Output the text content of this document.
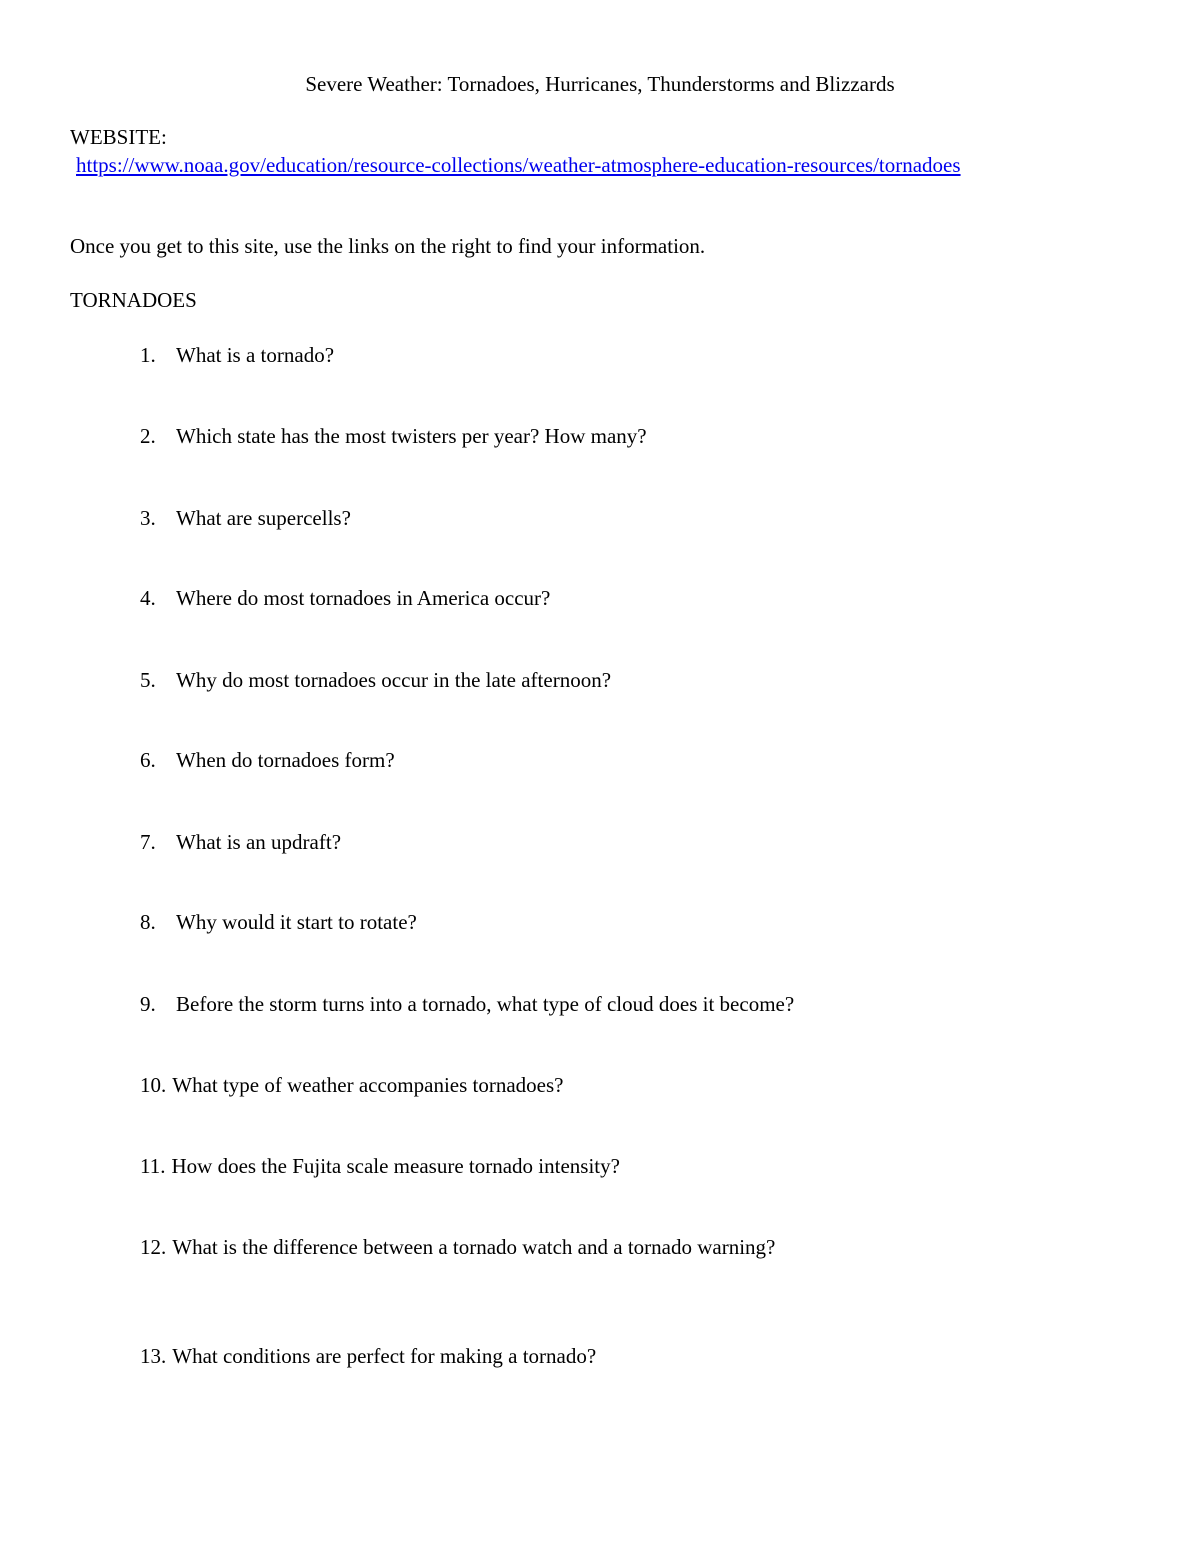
Severe Weather: Tornadoes, Hurricanes, Thunderstorms and Blizzards
WEBSITE:
https://www.noaa.gov/education/resource-collections/weather-atmosphere-education-resources/tornadoes
Once you get to this site, use the links on the right to find your information.
TORNADOES
1. What is a tornado?
2. Which state has the most twisters per year? How many?
3. What are supercells?
4. Where do most tornadoes in America occur?
5. Why do most tornadoes occur in the late afternoon?
6. When do tornadoes form?
7. What is an updraft?
8. Why would it start to rotate?
9. Before the storm turns into a tornado, what type of cloud does it become?
10. What type of weather accompanies tornadoes?
11. How does the Fujita scale measure tornado intensity?
12. What is the difference between a tornado watch and a tornado warning?
13. What conditions are perfect for making a tornado?
